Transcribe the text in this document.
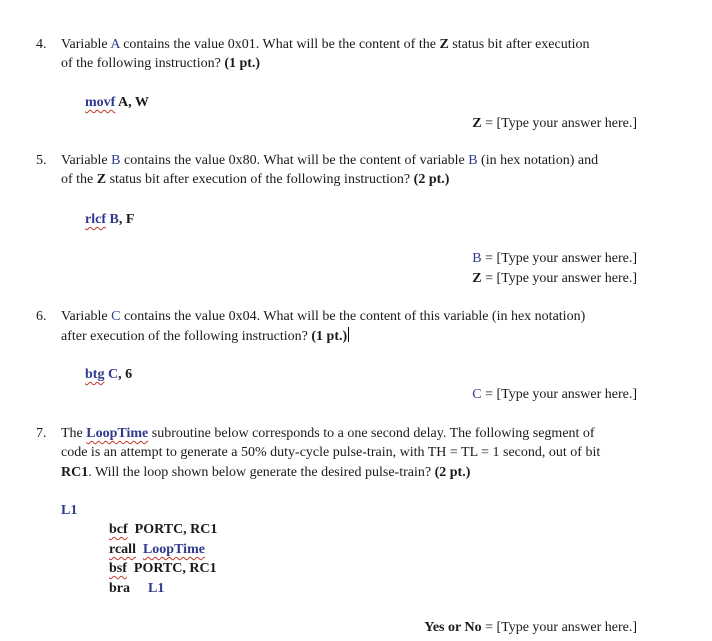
4. Variable A contains the value 0x01. What will be the content of the Z status bit after execution
of the following instruction? (1 pt.)
movf A, W
Z = [Type your answer here.]
5. Variable B contains the value 0x80. What will be the content of variable B (in hex notation) and
of the Z status bit after execution of the following instruction? (2 pt.)
rlcf B, F
B = [Type your answer here.]
Z = [Type your answer here.]
6. Variable C contains the value 0x04. What will be the content of this variable (in hex notation)
after execution of the following instruction? (1 pt.)
btg C, 6
C = [Type your answer here.]
7. The LoopTime subroutine below corresponds to a one second delay. The following segment of
code is an attempt to generate a 50% duty-cycle pulse-train, with TH = TL = 1 second, out of bit
RC1. Will the loop shown below generate the desired pulse-train? (2 pt.)
L1
bcf PORTC, RC1
rcall LoopTime
bsf PORTC, RC1
bra L1
Yes or No = [Type your answer here.]
